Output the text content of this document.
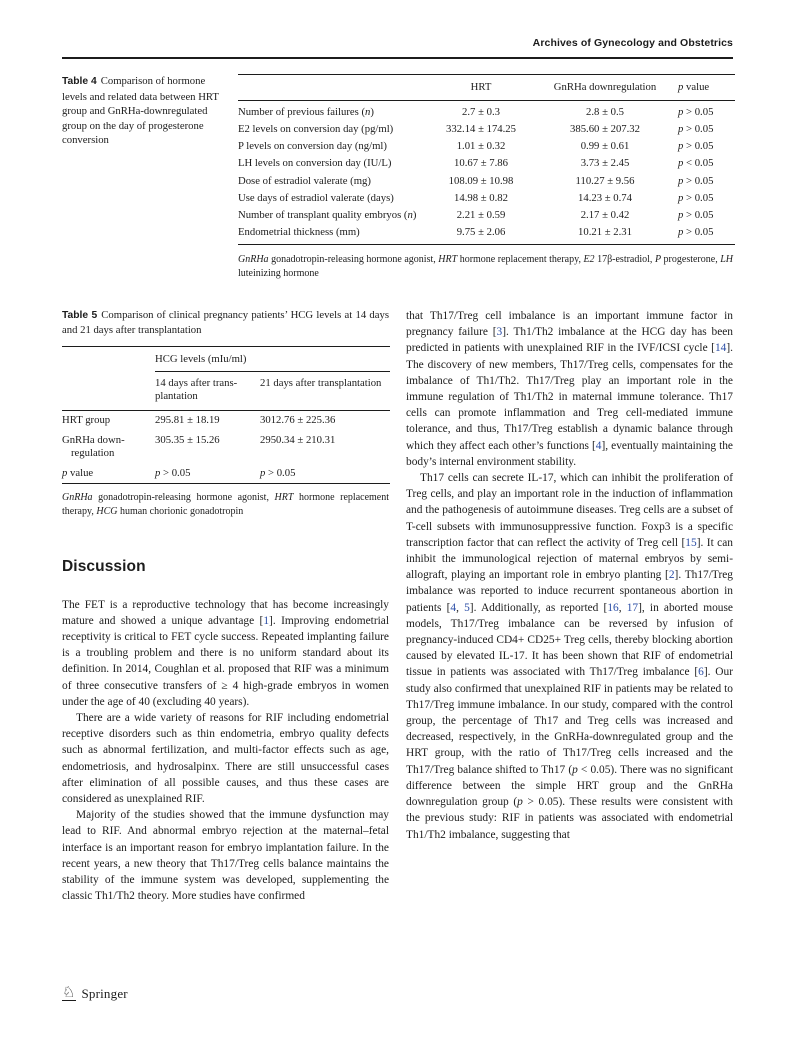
Archives of Gynecology and Obstetrics
Table 4 Comparison of hormone levels and related data between HRT group and GnRHa-downregulated group on the day of progesterone conversion
	HRT	GnRHa downregulation	p value
Number of previous failures (n)	2.7 ± 0.3	2.8 ± 0.5	p > 0.05
E2 levels on conversion day (pg/ml)	332.14 ± 174.25	385.60 ± 207.32	p > 0.05
P levels on conversion day (ng/ml)	1.01 ± 0.32	0.99 ± 0.61	p > 0.05
LH levels on conversion day (IU/L)	10.67 ± 7.86	3.73 ± 2.45	p < 0.05
Dose of estradiol valerate (mg)	108.09 ± 10.98	110.27 ± 9.56	p > 0.05
Use days of estradiol valerate (days)	14.98 ± 0.82	14.23 ± 0.74	p > 0.05
Number of transplant quality embryos (n)	2.21 ± 0.59	2.17 ± 0.42	p > 0.05
Endometrial thickness (mm)	9.75 ± 2.06	10.21 ± 2.31	p > 0.05
GnRHa gonadotropin-releasing hormone agonist, HRT hormone replacement therapy, E2 17β-estradiol, P progesterone, LH luteinizing hormone
Table 5 Comparison of clinical pregnancy patients’ HCG levels at 14 days and 21 days after transplantation
	HCG levels (mIu/ml)	
	14 days after trans-plantation	21 days after transplantation
HRT group	295.81 ± 18.19	3012.76 ± 225.36
GnRHa down-regulation	305.35 ± 15.26	2950.34 ± 210.31
p value	p > 0.05	p > 0.05
GnRHa gonadotropin-releasing hormone agonist, HRT hormone replacement therapy, HCG human chorionic gonadotropin
Discussion

The FET is a reproductive technology that has become increasingly mature and showed a unique advantage [1]. Improving endometrial receptivity is critical to FET cycle success. Repeated implanting failure is a troubling problem and there is no uniform standard about its definition. In 2014, Coughlan et al. proposed that RIF was a minimum of three consecutive transfers of ≥ 4 high-grade embryos in women under the age of 40 (excluding 40 years).

There are a wide variety of reasons for RIF including endometrial receptive disorders such as thin endometria, embryo quality defects such as abnormal fertilization, and multi-factor effects such as age, endometriosis, and hydrosalpinx. There are still unsuccessful cases after elimination of all possible causes, and thus these cases are considered as unexplained RIF.

Majority of the studies showed that the immune dysfunction may lead to RIF. And abnormal embryo rejection at the maternal–fetal interface is an important reason for embryo implantation failure. In the recent years, a new theory that Th17/Treg cells balance maintains the stability of the immune system was developed, supplementing the classic Th1/Th2 theory. More studies have confirmed

that Th17/Treg cell imbalance is an important immune factor in pregnancy failure [3]. Th1/Th2 imbalance at the HCG day has been predicted in patients with unexplained RIF in the IVF/ICSI cycle [14]. The discovery of new members, Th17/Treg cells, compensates for the imbalance of Th1/Th2. Th17/Treg play an important role in the immune regulation of Th1/Th2 in maternal immune tolerance. Th17 cells can promote inflammation and Treg cell-mediated immune tolerance, and thus, Th17/Treg establish a dynamic balance through which they affect each other’s functions [4], eventually maintaining the body’s internal environment stability.

Th17 cells can secrete IL-17, which can inhibit the proliferation of Treg cells, and play an important role in the induction of inflammation and the pathogenesis of autoimmune diseases. Treg cells are a subset of T-cell subsets with immunosuppressive function. Foxp3 is a specific transcription factor that can reflect the activity of Treg cell [15]. It can inhibit the immunological rejection of maternal embryos by semi-allograft, playing an important role in embryo planting [2]. Th17/Treg imbalance was reported to induce recurrent spontaneous abortion in patients [4, 5]. Additionally, as reported [16, 17], in aborted mouse models, Th17/Treg imbalance can be reversed by infusion of pregnancy-induced CD4+ CD25+ Treg cells, thereby blocking abortion caused by elevated IL-17. It has been shown that RIF of endometrial tissue in patients was associated with Th17/Treg imbalance [6]. Our study also confirmed that unexplained RIF in patients may be related to Th17/Treg immune imbalance. In our study, compared with the control group, the percentage of Th17 and Treg cells was increased and decreased, respectively, in the GnRHa-downregulated group and the HRT group, with the ratio of Th17/Treg cells increased and the Th17/Treg balance shifted to Th17 (p < 0.05). There was no significant difference between the simple HRT group and the GnRHa downregulation group (p > 0.05). These results were consistent with the previous study: RIF in patients was associated with endometrial Th1/Th2 imbalance, suggesting that

♘ Springer
